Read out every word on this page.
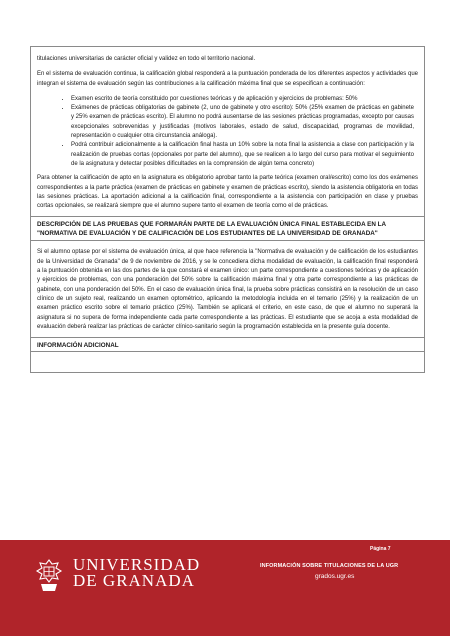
titulaciones universitarias de carácter oficial y validez en todo el territorio nacional.

En el sistema de evaluación continua, la calificación global responderá a la puntuación ponderada de los diferentes aspectos y actividades que integran el sistema de evaluación según las contribuciones a la calificación máxima final que se especifican a continuación:

• Examen escrito de teoría constituido por cuestiones teóricas y de aplicación y ejercicios de problemas: 50%
• Exámenes de prácticas obligatorias de gabinete (2, uno de gabinete y otro escrito): 50% (25% examen de prácticas en gabinete y 25% examen de prácticas escrito). El alumno no podrá ausentarse de las sesiones prácticas programadas, excepto por causas excepcionales sobrevenidas y justificadas (motivos laborales, estado de salud, discapacidad, programas de movilidad, representación o cualquier otra circunstancia análoga).
• Podrá contribuir adicionalmente a la calificación final hasta un 10% sobre la nota final la asistencia a clase con participación y la realización de pruebas cortas (opcionales por parte del alumno), que se realicen a lo largo del curso para motivar el seguimiento de la asignatura y detectar posibles dificultades en la comprensión de algún tema concreto)

Para obtener la calificación de apto en la asignatura es obligatorio aprobar tanto la parte teórica (examen oral/escrito) como los dos exámenes correspondientes a la parte práctica (examen de prácticas en gabinete y examen de prácticas escrito), siendo la asistencia obligatoria en todas las sesiones prácticas. La aportación adicional a la calificación final, correspondiente a la asistencia con participación en clase y pruebas cortas opcionales, se realizará siempre que el alumno supere tanto el examen de teoría como el de prácticas.

DESCRIPCIÓN DE LAS PRUEBAS QUE FORMARÁN PARTE DE LA EVALUACIÓN ÚNICA FINAL ESTABLECIDA EN LA "NORMATIVA DE EVALUACIÓN Y DE CALIFICACIÓN DE LOS ESTUDIANTES DE LA UNIVERSIDAD DE GRANADA"

Si el alumno optase por el sistema de evaluación única, al que hace referencia la "Normativa de evaluación y de calificación de los estudiantes de la Universidad de Granada" de 9 de noviembre de 2016, y se le concediera dicha modalidad de evaluación, la calificación final responderá a la puntuación obtenida en las dos partes de la que constará el examen único: un parte correspondiente a cuestiones teóricas y de aplicación y ejercicios de problemas, con una ponderación del 50% sobre la calificación máxima final y otra parte correspondiente a las prácticas de gabinete, con una ponderación del 50%. En el caso de evaluación única final, la prueba sobre prácticas consistirá en la resolución de un caso clínico de un sujeto real, realizando un examen optométrico, aplicando la metodología incluida en el temario (25%) y la realización de un examen práctico escrito sobre el temario práctico (25%). También se aplicará el criterio, en este caso, de que el alumno no superará la asignatura si no supera de forma independiente cada parte correspondiente a las prácticas. El estudiante que se acoja a esta modalidad de evaluación deberá realizar las prácticas de carácter clínico-sanitario según la programación establecida en la presente guía docente.

INFORMACIÓN ADICIONAL
Página 7
UNIVERSIDAD
DE GRANADA
INFORMACIÓN SOBRE TITULACIONES DE LA UGR
grados.ugr.es
